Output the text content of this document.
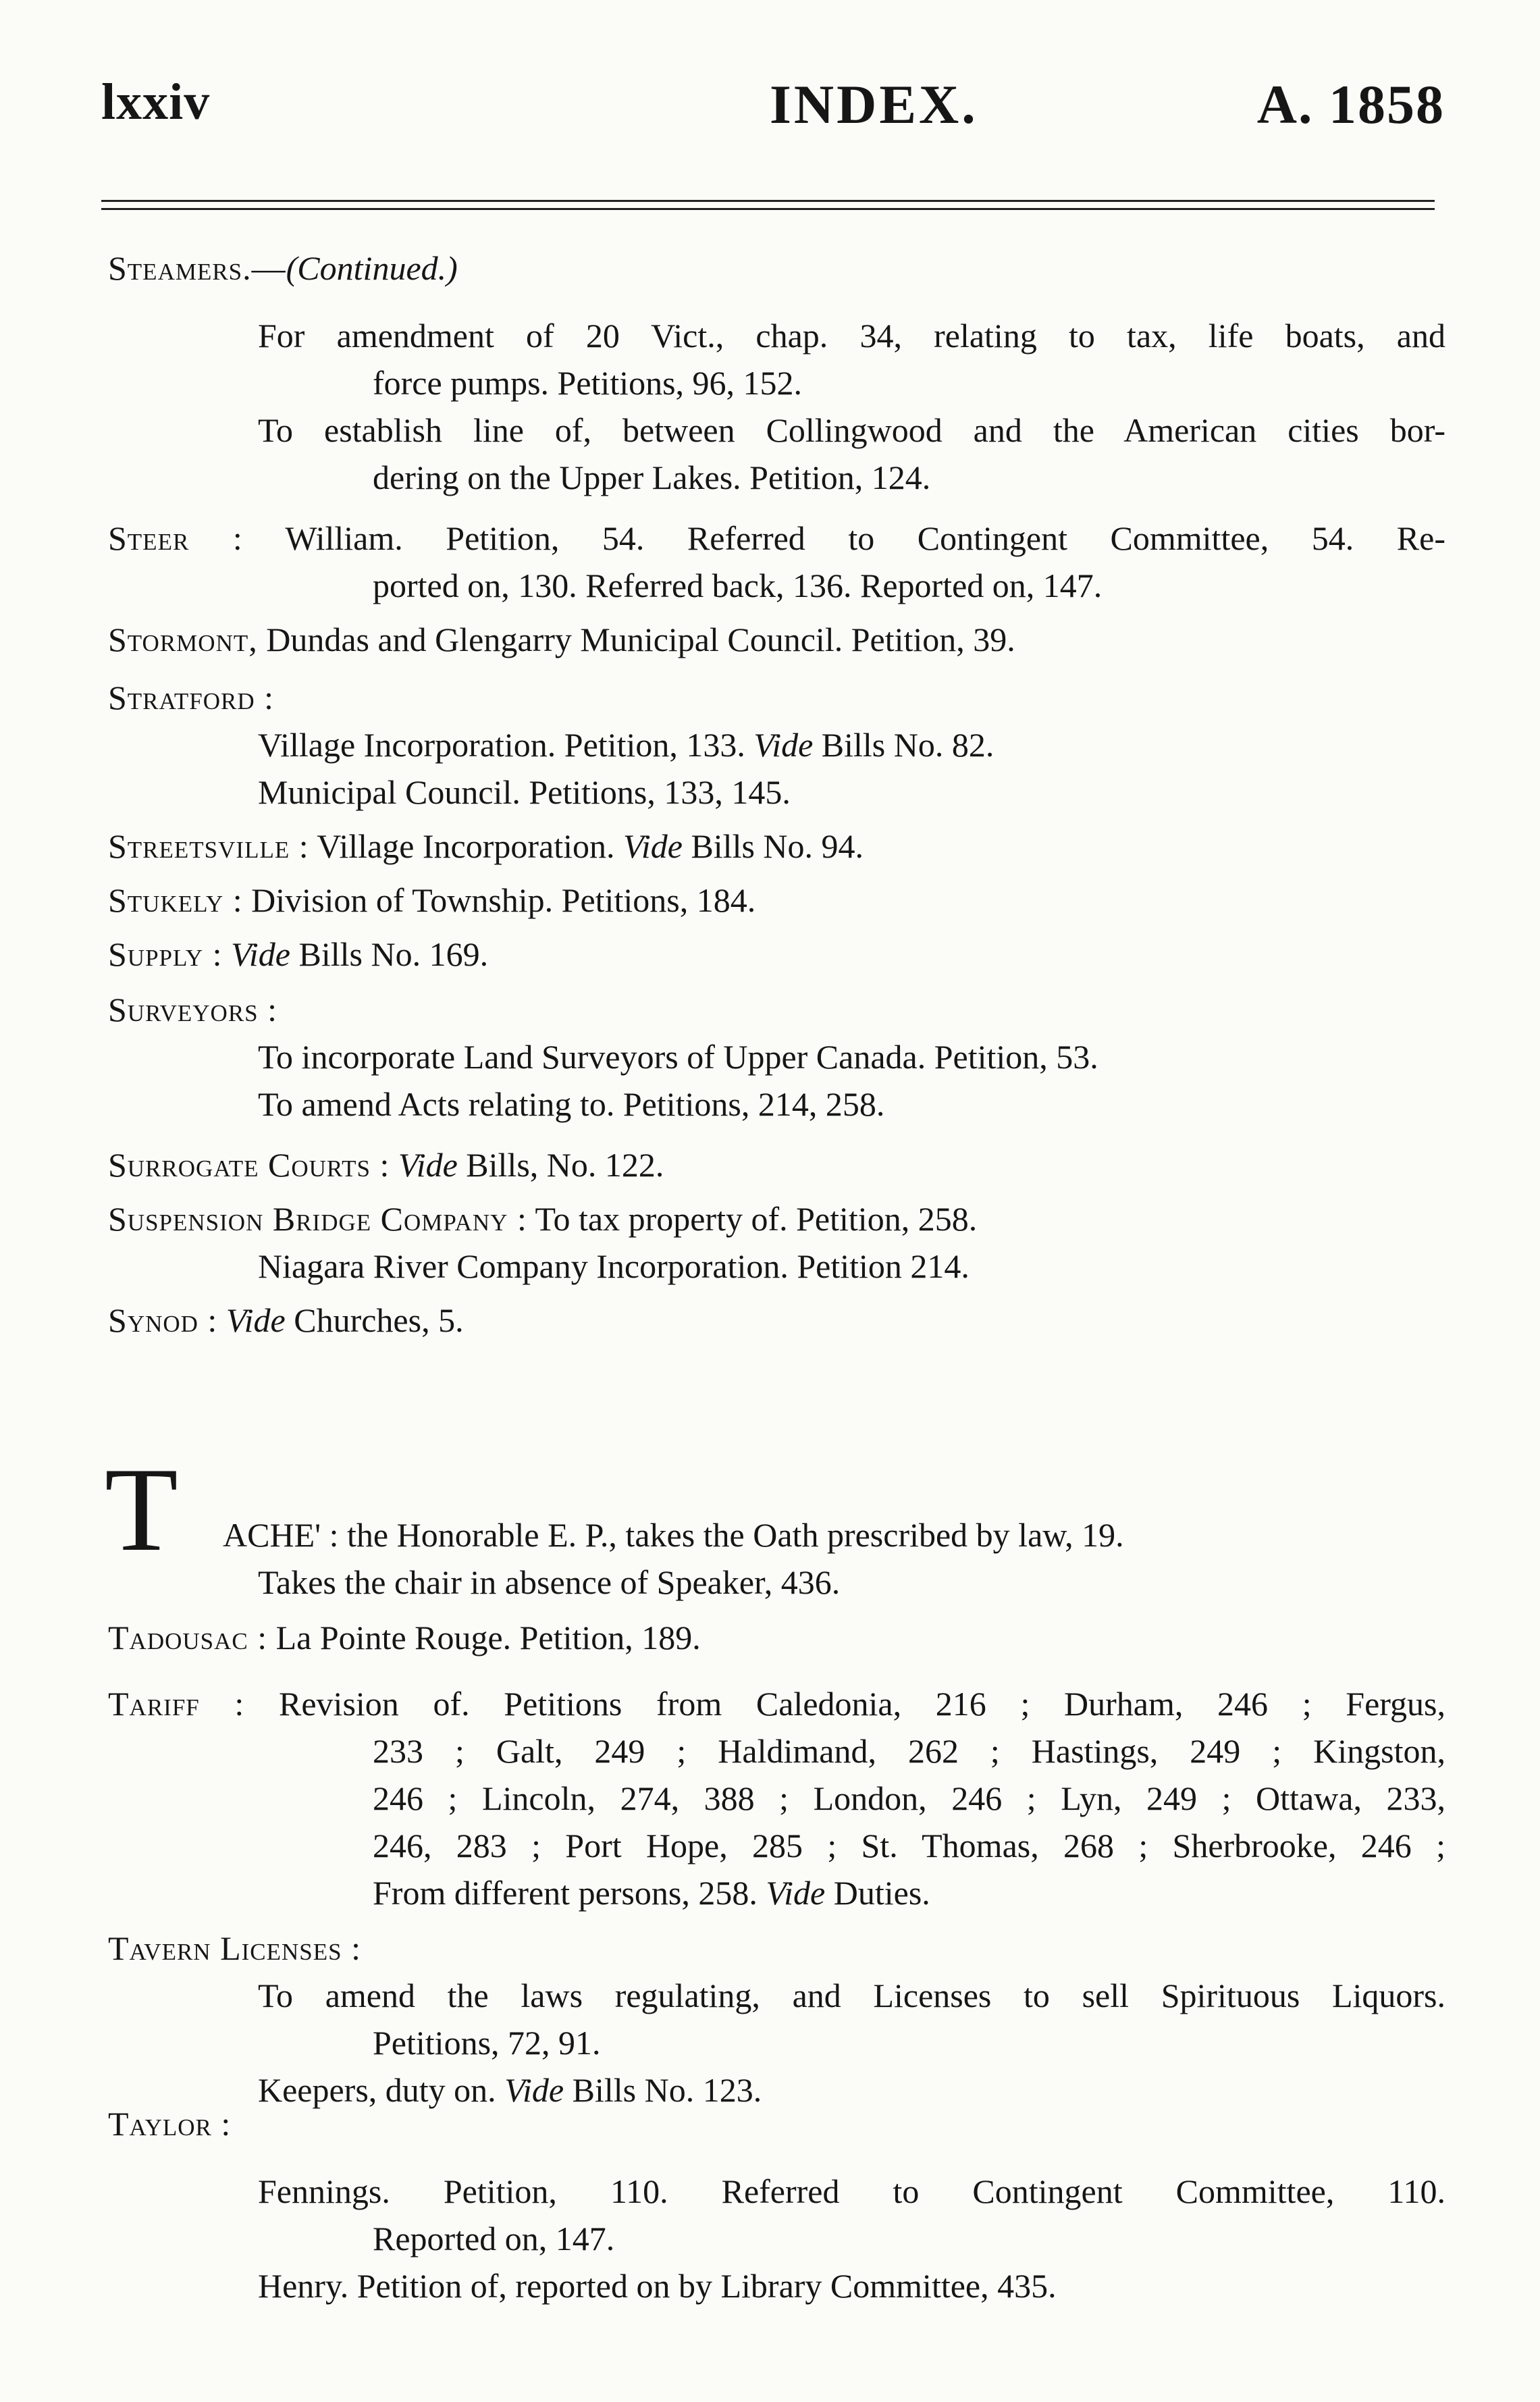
lxxiv	INDEX.	A. 1858
Steamers.—(Continued.)
For amendment of 20 Vict., chap. 34, relating to tax, life boats, and
force pumps. Petitions, 96, 152.
To establish line of, between Collingwood and the American cities bor-
dering on the Upper Lakes. Petition, 124.
Steer : William. Petition, 54. Referred to Contingent Committee, 54. Re-
ported on, 130. Referred back, 136. Reported on, 147.
Stormont, Dundas and Glengarry Municipal Council. Petition, 39.
Stratford :
Village Incorporation. Petition, 133. Vide Bills No. 82.
Municipal Council. Petitions, 133, 145.
Streetsville : Village Incorporation. Vide Bills No. 94.
Stukely : Division of Township. Petitions, 184.
Supply : Vide Bills No. 169.
Surveyors :
To incorporate Land Surveyors of Upper Canada. Petition, 53.
To amend Acts relating to. Petitions, 214, 258.
Surrogate Courts : Vide Bills, No. 122.
Suspension Bridge Company : To tax property of. Petition, 258.
Niagara River Company Incorporation. Petition 214.
Synod : Vide Churches, 5.
T	ACHE' : the Honorable E. P., takes the Oath prescribed by law, 19.
Takes the chair in absence of Speaker, 436.
Tadousac : La Pointe Rouge. Petition, 189.
Tariff : Revision of. Petitions from Caledonia, 216 ; Durham, 246 ; Fergus,
233 ; Galt, 249 ; Haldimand, 262 ; Hastings, 249 ; Kingston,
246 ; Lincoln, 274, 388 ; London, 246 ; Lyn, 249 ; Ottawa, 233,
246, 283 ; Port Hope, 285 ; St. Thomas, 268 ; Sherbrooke, 246 ;
From different persons, 258. Vide Duties.
Tavern Licenses :
To amend the laws regulating, and Licenses to sell Spirituous Liquors.
Petitions, 72, 91.
Keepers, duty on. Vide Bills No. 123.
Taylor :
Fennings. Petition, 110. Referred to Contingent Committee, 110.
Reported on, 147.
Henry. Petition of, reported on by Library Committee, 435.
